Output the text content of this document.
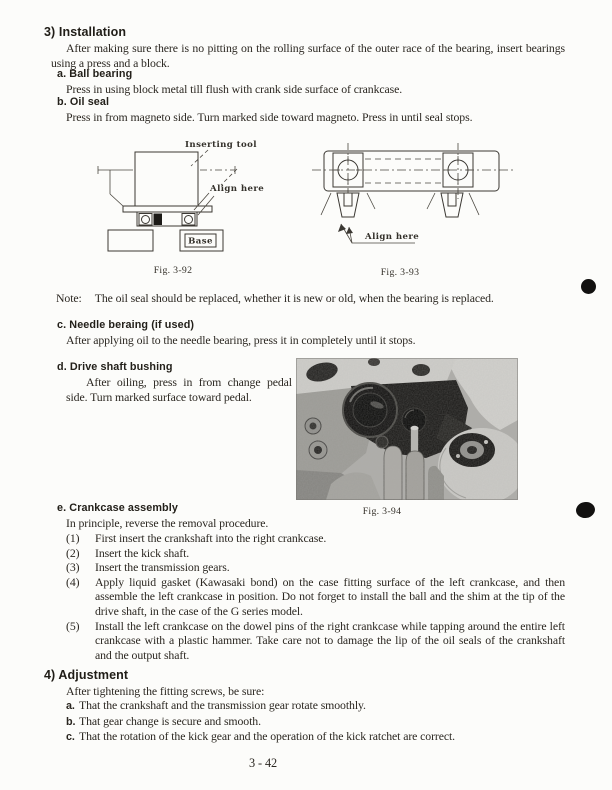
3) Installation
After making sure there is no pitting on the rolling surface of the outer race of the bearing, insert bearings using a press and a block.
a. Ball bearing
Press in using block metal till flush with crank side surface of crankcase.
b. Oil seal
Press in from magneto side. Turn marked side toward magneto. Press in until seal stops.
Inserting tool
Align here
Base
Fig. 3-92
Align here
Fig. 3-93
Note: The oil seal should be replaced, whether it is new or old, when the bearing is replaced.
c. Needle beraing (if used)
After applying oil to the needle bearing, press it in completely until it stops.
d. Drive shaft bushing
After oiling, press in from change pedal side. Turn marked surface toward pedal.
Fig. 3-94
e. Crankcase assembly
In principle, reverse the removal procedure.
(1) First insert the crankshaft into the right crankcase.
(2) Insert the kick shaft.
(3) Insert the transmission gears.
(4) Apply liquid gasket (Kawasaki bond) on the case fitting surface of the left crankcase, and then assemble the left crankcase in position. Do not forget to install the ball and the shim at the tip of the drive shaft, in the case of the G series model.
(5) Install the left crankcase on the dowel pins of the right crankcase while tapping around the entire left crankcase with a plastic hammer. Take care not to damage the lip of the oil seals of the crankshaft and the output shaft.
4) Adjustment
After tightening the fitting screws, be sure:
a. That the crankshaft and the transmission gear rotate smoothly.
b. That gear change is secure and smooth.
c. That the rotation of the kick gear and the operation of the kick ratchet are correct.
3 - 42
